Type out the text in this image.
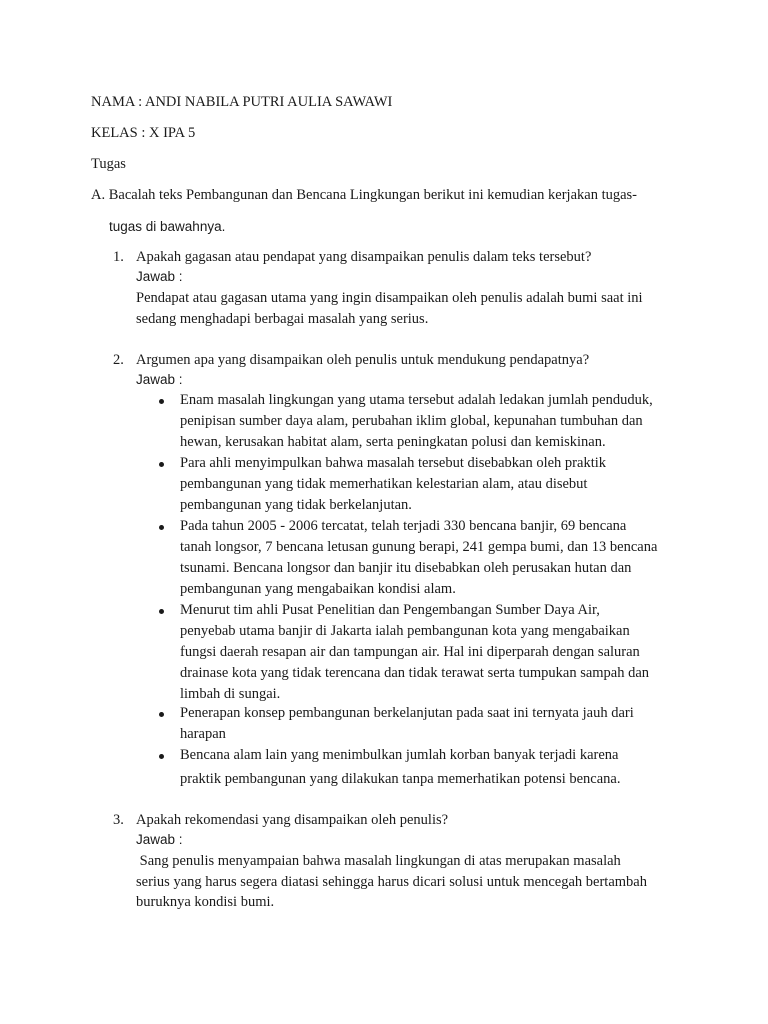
NAMA : ANDI NABILA PUTRI AULIA SAWAWI
KELAS : X IPA 5
Tugas
A. Bacalah teks Pembangunan dan Bencana Lingkungan berikut ini kemudian kerjakan tugas-
tugas di bawahnya.
1. Apakah gagasan atau pendapat yang disampaikan penulis dalam teks tersebut?
Jawab :
Pendapat atau gagasan utama yang ingin disampaikan oleh penulis adalah bumi saat ini
sedang menghadapi berbagai masalah yang serius.
2. Argumen apa yang disampaikan oleh penulis untuk mendukung pendapatnya?
Jawab :
Enam masalah lingkungan yang utama tersebut adalah ledakan jumlah penduduk,
penipisan sumber daya alam, perubahan iklim global, kepunahan tumbuhan dan
hewan, kerusakan habitat alam, serta peningkatan polusi dan kemiskinan.
Para ahli menyimpulkan bahwa masalah tersebut disebabkan oleh praktik
pembangunan yang tidak memerhatikan kelestarian alam, atau disebut
pembangunan yang tidak berkelanjutan.
Pada tahun 2005 - 2006 tercatat, telah terjadi 330 bencana banjir, 69 bencana
tanah longsor, 7 bencana letusan gunung berapi, 241 gempa bumi, dan 13 bencana
tsunami. Bencana longsor dan banjir itu disebabkan oleh perusakan hutan dan
pembangunan yang mengabaikan kondisi alam.
Menurut tim ahli Pusat Penelitian dan Pengembangan Sumber Daya Air,
penyebab utama banjir di Jakarta ialah pembangunan kota yang mengabaikan
fungsi daerah resapan air dan tampungan air. Hal ini diperparah dengan saluran
drainase kota yang tidak terencana dan tidak terawat serta tumpukan sampah dan
limbah di sungai.
Penerapan konsep pembangunan berkelanjutan pada saat ini ternyata jauh dari
harapan
Bencana alam lain yang menimbulkan jumlah korban banyak terjadi karena
praktik pembangunan yang dilakukan tanpa memerhatikan potensi bencana.
3. Apakah rekomendasi yang disampaikan oleh penulis?
Jawab :
Sang penulis menyampaian bahwa masalah lingkungan di atas merupakan masalah
serius yang harus segera diatasi sehingga harus dicari solusi untuk mencegah bertambah
buruknya kondisi bumi.
